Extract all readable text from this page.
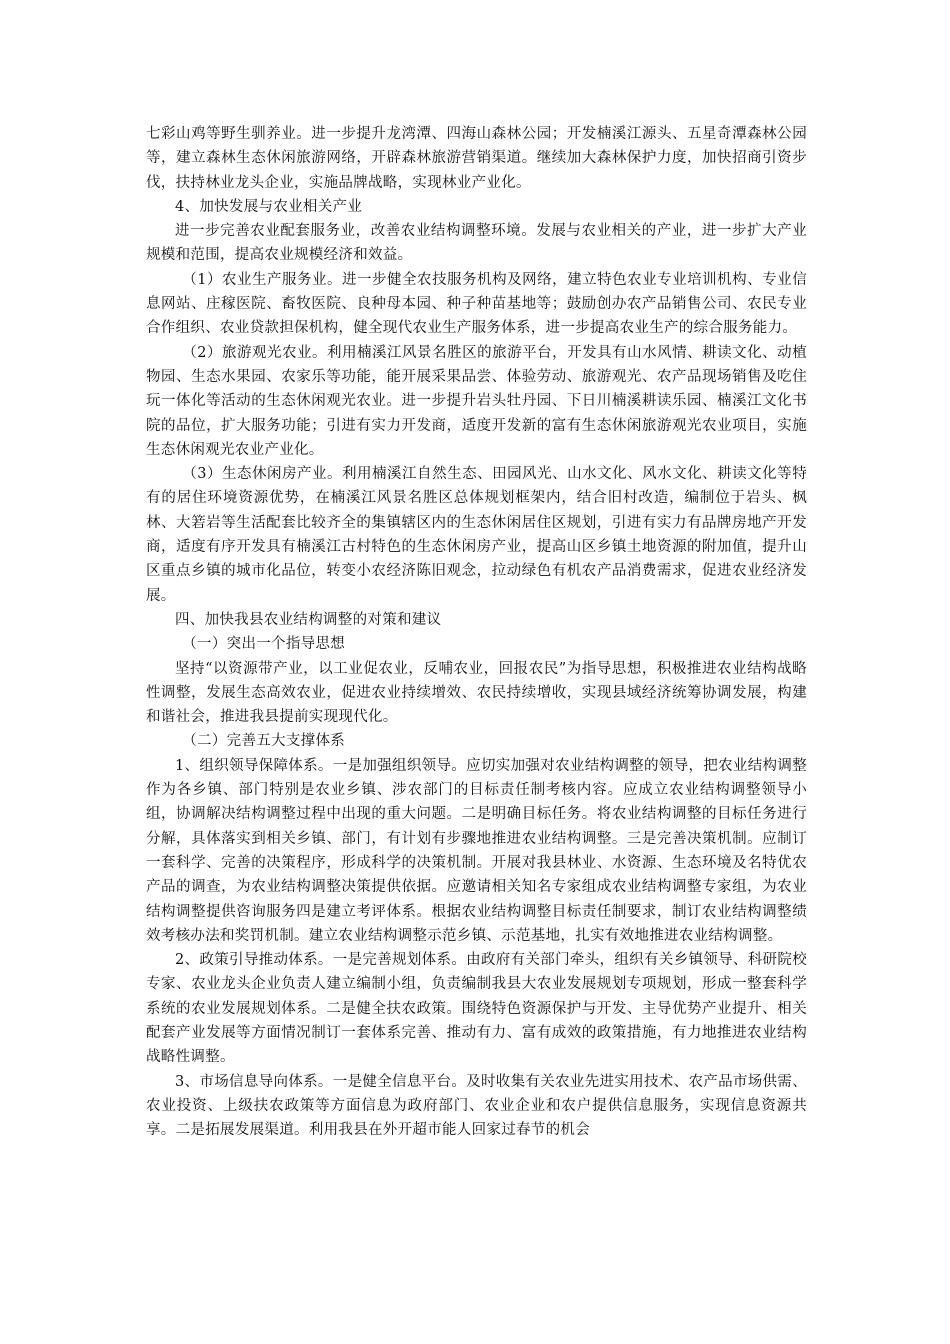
七彩山鸡等野生驯养业。进一步提升龙湾潭、四海山森林公园；开发楠溪江源头、五星奇潭森林公园等，建立森林生态休闲旅游网络，开辟森林旅游营销渠道。继续加大森林保护力度，加快招商引资步伐，扶持林业龙头企业，实施品牌战略，实现林业产业化。

4、加快发展与农业相关产业

进一步完善农业配套服务业，改善农业结构调整环境。发展与农业相关的产业，进一步扩大产业规模和范围，提高农业规模经济和效益。

（1）农业生产服务业。进一步健全农技服务机构及网络，建立特色农业专业培训机构、专业信息网站、庄稼医院、畜牧医院、良种母本园、种子种苗基地等；鼓励创办农产品销售公司、农民专业合作组织、农业贷款担保机构，健全现代农业生产服务体系，进一步提高农业生产的综合服务能力。

（2）旅游观光农业。利用楠溪江风景名胜区的旅游平台，开发具有山水风情、耕读文化、动植物园、生态水果园、农家乐等功能，能开展采果品尝、体验劳动、旅游观光、农产品现场销售及吃住玩一体化等活动的生态休闲观光农业。进一步提升岩头牡丹园、下日川楠溪耕读乐园、楠溪江文化书院的品位，扩大服务功能；引进有实力开发商，适度开发新的富有生态休闲旅游观光农业项目，实施生态休闲观光农业产业化。

（3）生态休闲房产业。利用楠溪江自然生态、田园风光、山水文化、风水文化、耕读文化等特有的居住环境资源优势，在楠溪江风景名胜区总体规划框架内，结合旧村改造，编制位于岩头、枫林、大箬岩等生活配套比较齐全的集镇辖区内的生态休闲居住区规划，引进有实力有品牌房地产开发商，适度有序开发具有楠溪江古村特色的生态休闲房产业，提高山区乡镇土地资源的附加值，提升山区重点乡镇的城市化品位，转变小农经济陈旧观念，拉动绿色有机农产品消费需求，促进农业经济发展。

四、加快我县农业结构调整的对策和建议

（一）突出一个指导思想

坚持“以资源带产业，以工业促农业，反哺农业，回报农民”为指导思想，积极推进农业结构战略性调整，发展生态高效农业，促进农业持续增效、农民持续增收，实现县域经济统筹协调发展，构建和谐社会，推进我县提前实现现代化。

（二）完善五大支撑体系

1、组织领导保障体系。一是加强组织领导。应切实加强对农业结构调整的领导，把农业结构调整作为各乡镇、部门特别是农业乡镇、涉农部门的目标责任制考核内容。应成立农业结构调整领导小组，协调解决结构调整过程中出现的重大问题。二是明确目标任务。将农业结构调整的目标任务进行分解，具体落实到相关乡镇、部门，有计划有步骤地推进农业结构调整。三是完善决策机制。应制订一套科学、完善的决策程序，形成科学的决策机制。开展对我县林业、水资源、生态环境及名特优农产品的调查，为农业结构调整决策提供依据。应邀请相关知名专家组成农业结构调整专家组，为农业结构调整提供咨询服务四是建立考评体系。根据农业结构调整目标责任制要求，制订农业结构调整绩效考核办法和奖罚机制。建立农业结构调整示范乡镇、示范基地，扎实有效地推进农业结构调整。

2、政策引导推动体系。一是完善规划体系。由政府有关部门牵头，组织有关乡镇领导、科研院校专家、农业龙头企业负责人建立编制小组，负责编制我县大农业发展规划专项规划，形成一整套科学系统的农业发展规划体系。二是健全扶农政策。围绕特色资源保护与开发、主导优势产业提升、相关配套产业发展等方面情况制订一套体系完善、推动有力、富有成效的政策措施，有力地推进农业结构战略性调整。

3、市场信息导向体系。一是健全信息平台。及时收集有关农业先进实用技术、农产品市场供需、农业投资、上级扶农政策等方面信息为政府部门、农业企业和农户提供信息服务，实现信息资源共享。二是拓展发展渠道。利用我县在外开超市能人回家过春节的机会
